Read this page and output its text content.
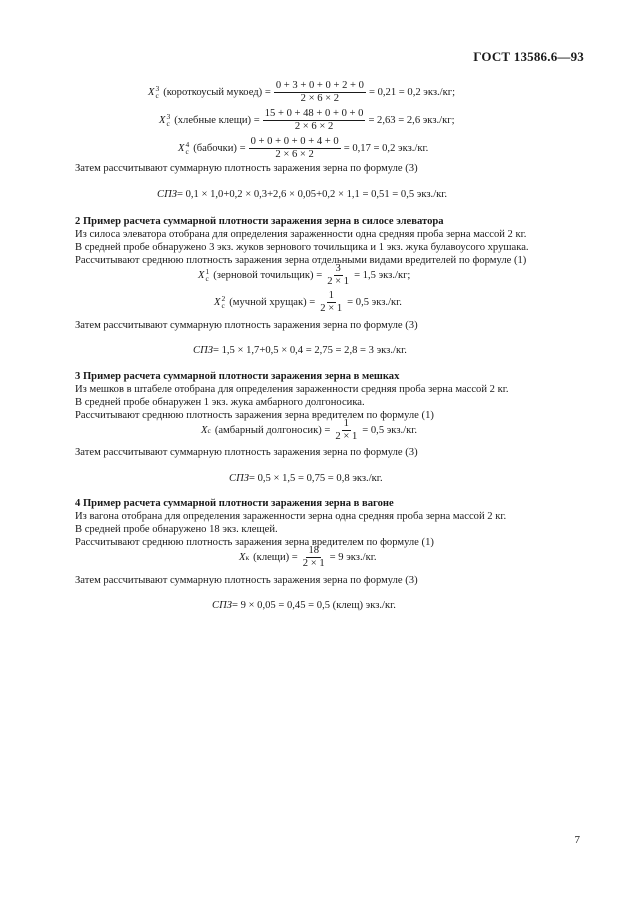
ГОСТ 13586.6—93
X 3
с (короткоусый мукоед) = $\frac{0 + 3 + 0 + 0 + 2 + 0}{2 \times 6 \times 2} = 0,21 = 0,2$ экз./кг;
X 3
с (хлебные клещи) = $\frac{15 + 0 + 48 + 0 + 0 + 0}{2 \times 6 \times 2} = 2,63 = 2,6$ экз./кг;
X 4
с (бабочки) = $\frac{0 + 0 + 0 + 0 + 4 + 0}{2 \times 6 \times 2} = 0,17 = 0,2$ экз./кг.
Затем рассчитывают суммарную плотность заражения зерна по формуле (3)
СПЗ = 0,1 × 1,0+0,2 × 0,3+2,6 × 0,05+0,2 × 1,1 = 0,51 = 0,5 экз./кг.
2 Пример расчета суммарной плотности заражения зерна в силосе элеватора
Из силоса элеватора отобрана для определения зараженности одна средняя проба зерна массой 2 кг.
В средней пробе обнаружено 3 экз. жуков зернового точильщика и 1 экз. жука булавоусого хрушака.
Рассчитывают среднюю плотность заражения зерна отдельными видами вредителей по формуле (1)
X 1
с (зерновой точильщик) = $\frac{3}{2 \times 1} = 1,5$ экз./кг;
X 2
с (мучной хрущак) = $\frac{1}{2 \times 1} = 0,5$ экз./кг.
Затем рассчитывают суммарную плотность заражения зерна по формуле (3)
СПЗ = 1,5 × 1,7+0,5 × 0,4 = 2,75 = 2,8 = 3 экз./кг.
3 Пример расчета суммарной плотности заражения зерна в мешках
Из мешков в штабеле отобрана для определения зараженности средняя проба зерна массой 2 кг.
В средней пробе обнаружен 1 экз. жука амбарного долгоносика.
Рассчитывают среднюю плотность заражения зерна вредителем по формуле (1)
X с (амбарный долгоносик) = $\frac{1}{2 \times 1} = 0,5$ экз./кг.
Затем рассчитывают суммарную плотность заражения зерна по формуле (3)
СПЗ = 0,5 × 1,5 = 0,75 = 0,8 экз./кг.
4 Пример расчета суммарной плотности заражения зерна в вагоне
Из вагона отобрана для определения зараженности зерна одна средняя проба зерна массой 2 кг.
В средней пробе обнаружено 18 экз. клещей.
Рассчитывают среднюю плотность заражения зерна вредителем по формуле (1)
X к (клещи) = $\frac{18}{2 \times 1} = 9$ экз./кг.
Затем рассчитывают суммарную плотность заражения зерна по формуле (3)
СПЗ = 9 × 0,05 = 0,45 = 0,5 (клещ) экз./кг.
7
